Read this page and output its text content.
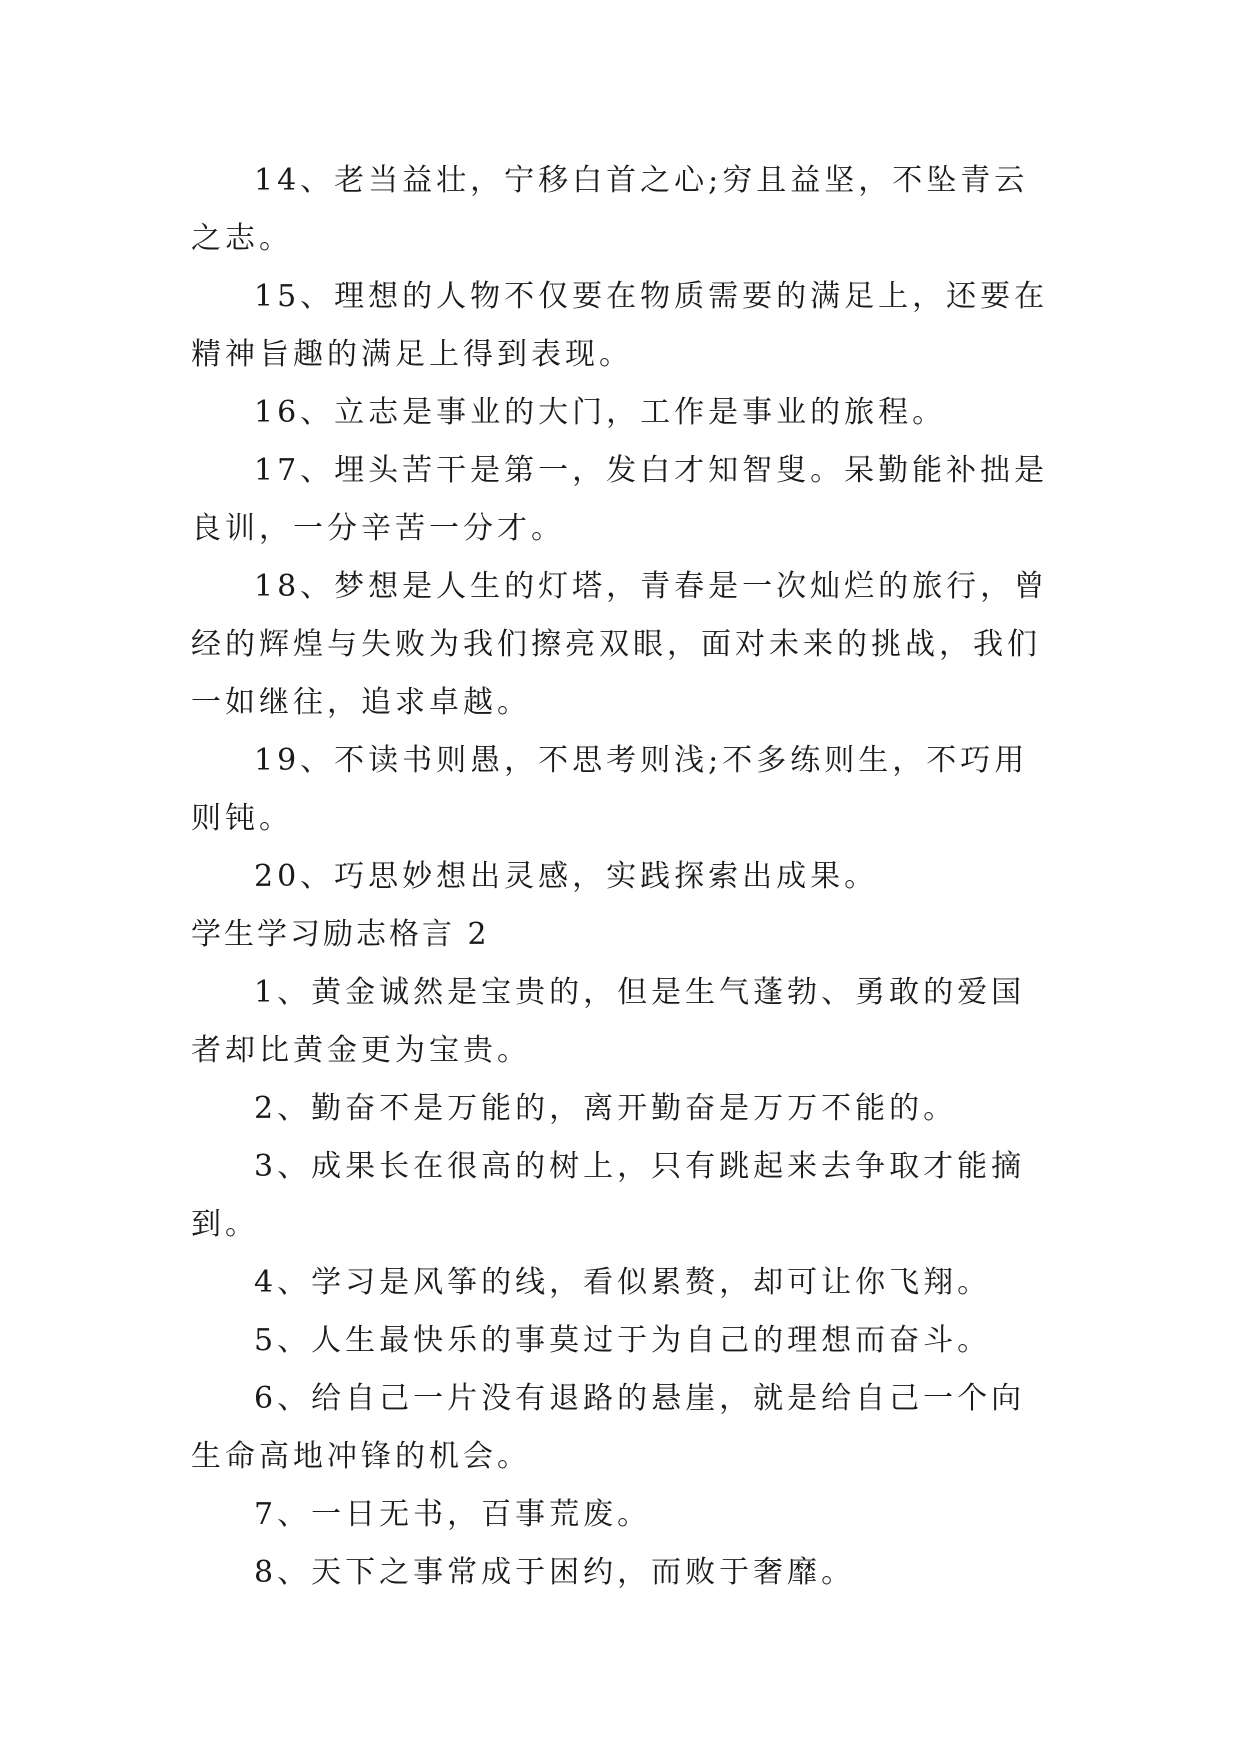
14、老当益壮，宁移白首之心;穷且益坚，不坠青云之志。

15、理想的人物不仅要在物质需要的满足上，还要在精神旨趣的满足上得到表现。

16、立志是事业的大门，工作是事业的旅程。

17、埋头苦干是第一，发白才知智叟。呆勤能补拙是良训，一分辛苦一分才。

18、梦想是人生的灯塔，青春是一次灿烂的旅行，曾经的辉煌与失败为我们擦亮双眼，面对未来的挑战，我们一如继往，追求卓越。

19、不读书则愚，不思考则浅;不多练则生，不巧用则钝。

20、巧思妙想出灵感，实践探索出成果。

学生学习励志格言 2

1、黄金诚然是宝贵的，但是生气蓬勃、勇敢的爱国者却比黄金更为宝贵。

2、勤奋不是万能的，离开勤奋是万万不能的。

3、成果长在很高的树上，只有跳起来去争取才能摘到。

4、学习是风筝的线，看似累赘，却可让你飞翔。

5、人生最快乐的事莫过于为自己的理想而奋斗。

6、给自己一片没有退路的悬崖，就是给自己一个向生命高地冲锋的机会。

7、一日无书，百事荒废。

8、天下之事常成于困约，而败于奢靡。
